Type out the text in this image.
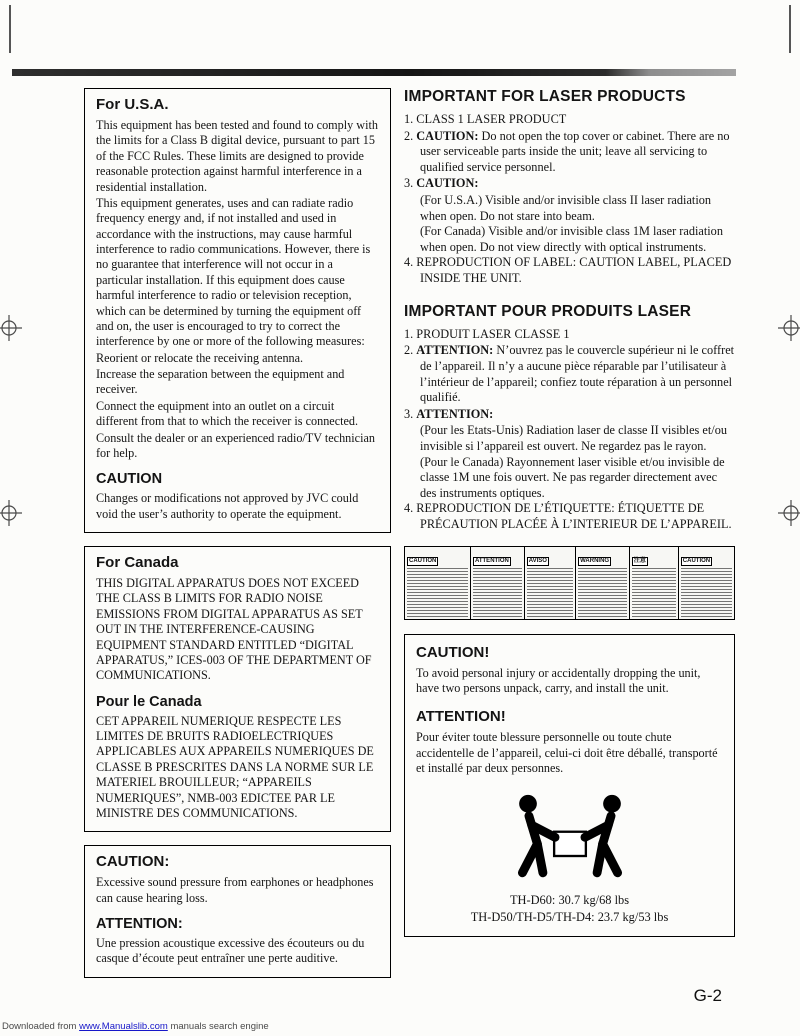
For U.S.A.

This equipment has been tested and found to comply with the limits for a Class B digital device, pursuant to part 15 of the FCC Rules. These limits are designed to provide reasonable protection against harmful interference in a residential installation.

This equipment generates, uses and can radiate radio frequency energy and, if not installed and used in accordance with the instructions, may cause harmful interference to radio communications. However, there is no guarantee that interference will not occur in a particular installation. If this equipment does cause harmful interference to radio or television reception, which can be determined by turning the equipment off and on, the user is encouraged to try to correct the interference by one or more of the following measures:

Reorient or relocate the receiving antenna.

Increase the separation between the equipment and receiver.

Connect the equipment into an outlet on a circuit different from that to which the receiver is connected.

Consult the dealer or an experienced radio/TV technician for help.

CAUTION

Changes or modifications not approved by JVC could void the user’s authority to operate the equipment.

For Canada

THIS DIGITAL APPARATUS DOES NOT EXCEED THE CLASS B LIMITS FOR RADIO NOISE EMISSIONS FROM DIGITAL APPARATUS AS SET OUT IN THE INTERFERENCE-CAUSING EQUIPMENT STANDARD ENTITLED “DIGITAL APPARATUS,” ICES-003 OF THE DEPARTMENT OF COMMUNICATIONS.

Pour le Canada

CET APPAREIL NUMERIQUE RESPECTE LES LIMITES DE BRUITS RADIOELECTRIQUES APPLICABLES AUX APPAREILS NUMERIQUES DE CLASSE B PRESCRITES DANS LA NORME SUR LE MATERIEL BROUILLEUR; “APPAREILS NUMERIQUES”, NMB-003 EDICTEE PAR LE MINISTRE DES COMMUNICATIONS.

CAUTION:

Excessive sound pressure from earphones or headphones can cause hearing loss.

ATTENTION:

Une pression acoustique excessive des écouteurs ou du casque d’écoute peut entraîner une perte auditive.

IMPORTANT FOR LASER PRODUCTS

1. CLASS 1 LASER PRODUCT

2. CAUTION: Do not open the top cover or cabinet. There are no user serviceable parts inside the unit; leave all servicing to qualified service personnel.

3. CAUTION:

(For U.S.A.) Visible and/or invisible class II laser radiation when open. Do not stare into beam.

(For Canada) Visible and/or invisible class 1M laser radiation when open. Do not view directly with optical instruments.

4. REPRODUCTION OF LABEL: CAUTION LABEL, PLACED INSIDE THE UNIT.

IMPORTANT POUR PRODUITS LASER

1. PRODUIT LASER CLASSE 1

2. ATTENTION: N’ouvrez pas le couvercle supérieur ni le coffret de l’appareil. Il n’y a aucune pièce réparable par l’utilisateur à l’intérieur de l’appareil; confiez toute réparation à un personnel qualifié.

3. ATTENTION:

(Pour les Etats-Unis) Radiation laser de classe II visibles et/ou invisible si l’appareil est ouvert. Ne regardez pas le rayon.

(Pour le Canada) Rayonnement laser visible et/ou invisible de classe 1M une fois ouvert. Ne pas regarder directement avec des instruments optiques.

4. REPRODUCTION DE L’ÉTIQUETTE: ÉTIQUETTE DE PRÉCAUTION PLACÉE À L’INTERIEUR DE L’APPAREIL.

CAUTION	ATTENTION	AVISO	WARNING	注意	CAUTION
CAUTION!

To avoid personal injury or accidentally dropping the unit, have two persons unpack, carry, and install the unit.

ATTENTION!

Pour éviter toute blessure personnelle ou toute chute accidentelle de l’appareil, celui-ci doit être déballé, transporté et installé par deux personnes.

TH-D60: 30.7 kg/68 lbs

TH-D50/TH-D5/TH-D4: 23.7 kg/53 lbs

G-2
Downloaded from www.Manualslib.com manuals search engine
